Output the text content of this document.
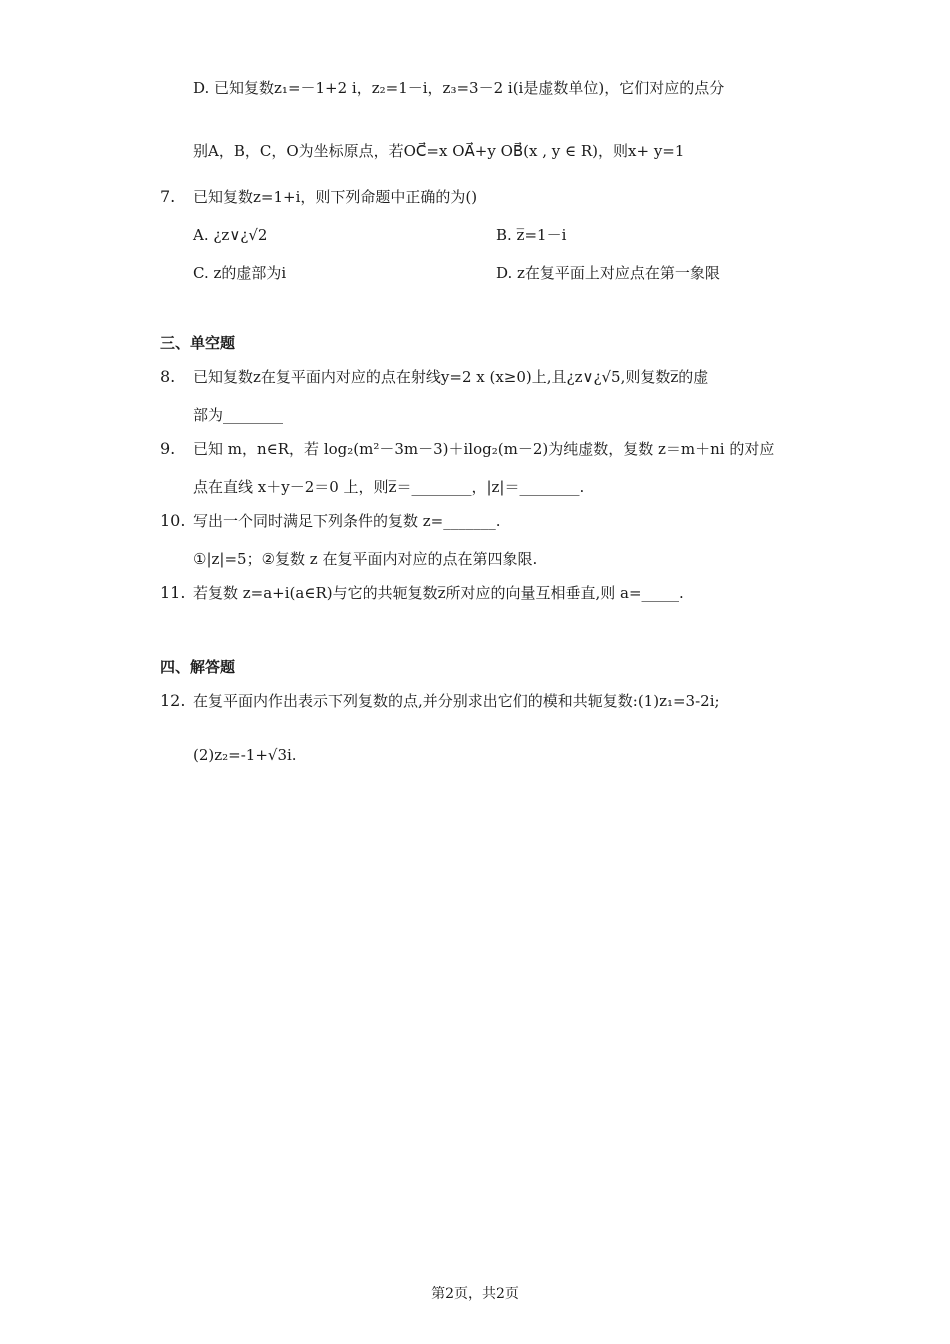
D. 已知复数z₁=－1+2 i，z₂=1－i，z₃=3－2 i(i是虚数单位)，它们对应的点分
别A，B，C，O为坐标原点，若OC⃗=x OA⃗+y OB⃗(x , y ∈ R)，则x+ y=1
7. 已知复数z=1+i，则下列命题中正确的为()
A. ¿z∨¿√2	B. z̅=1－i
C. z的虚部为i	D. z在复平面上对应点在第一象限
三、单空题
8. 已知复数z在复平面内对应的点在射线y=2 x (x≥0)上,且¿z∨¿√5,则复数z̅的虚
部为________
9. 已知 m，n∈R，若 log₂(m²－3m－3)＋ilog₂(m－2)为纯虚数，复数 z＝m＋ni 的对应
点在直线 x＋y－2＝0 上，则z̅＝________，|z|＝________.
10. 写出一个同时满足下列条件的复数 z=_______.
①|z|=5；②复数 z 在复平面内对应的点在第四象限.
11. 若复数 z=a+i(a∈R)与它的共轭复数z̅所对应的向量互相垂直,则 a=_____.
四、解答题
12. 在复平面内作出表示下列复数的点,并分别求出它们的模和共轭复数:(1)z₁=3-2i;
(2)z₂=-1+√3i.
第2页，共2页
